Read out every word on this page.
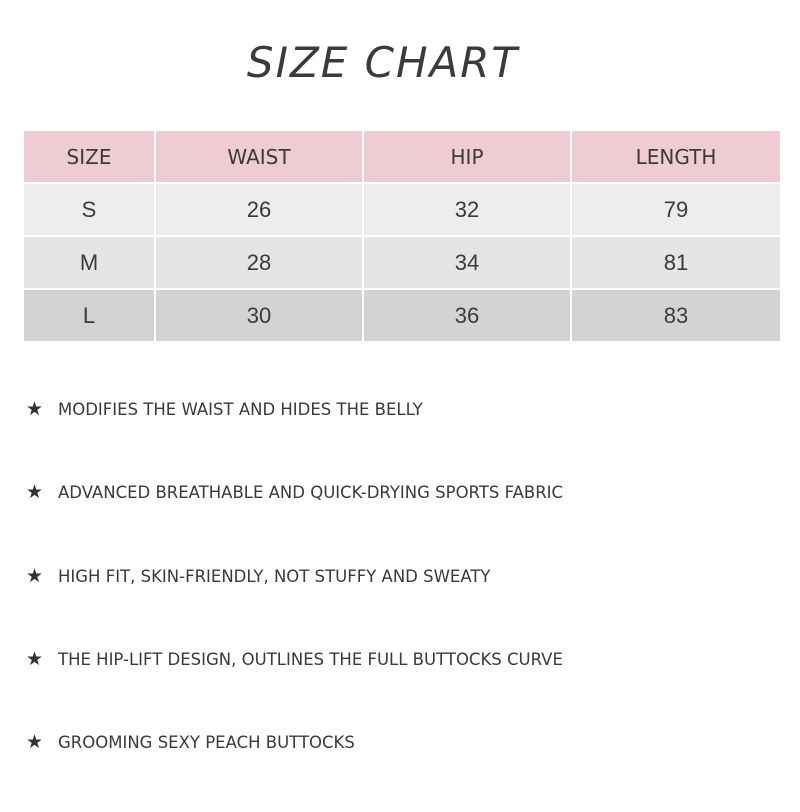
SIZE CHART
SIZE	WAIST	HIP	LENGTH
S	26	32	79
M	28	34	81
L	30	36	83
★ MODIFIES THE WAIST AND HIDES THE BELLY
★ ADVANCED BREATHABLE AND QUICK-DRYING SPORTS FABRIC
★ HIGH FIT, SKIN-FRIENDLY, NOT STUFFY AND SWEATY
★ THE HIP-LIFT DESIGN, OUTLINES THE FULL BUTTOCKS CURVE
★ GROOMING SEXY PEACH BUTTOCKS
